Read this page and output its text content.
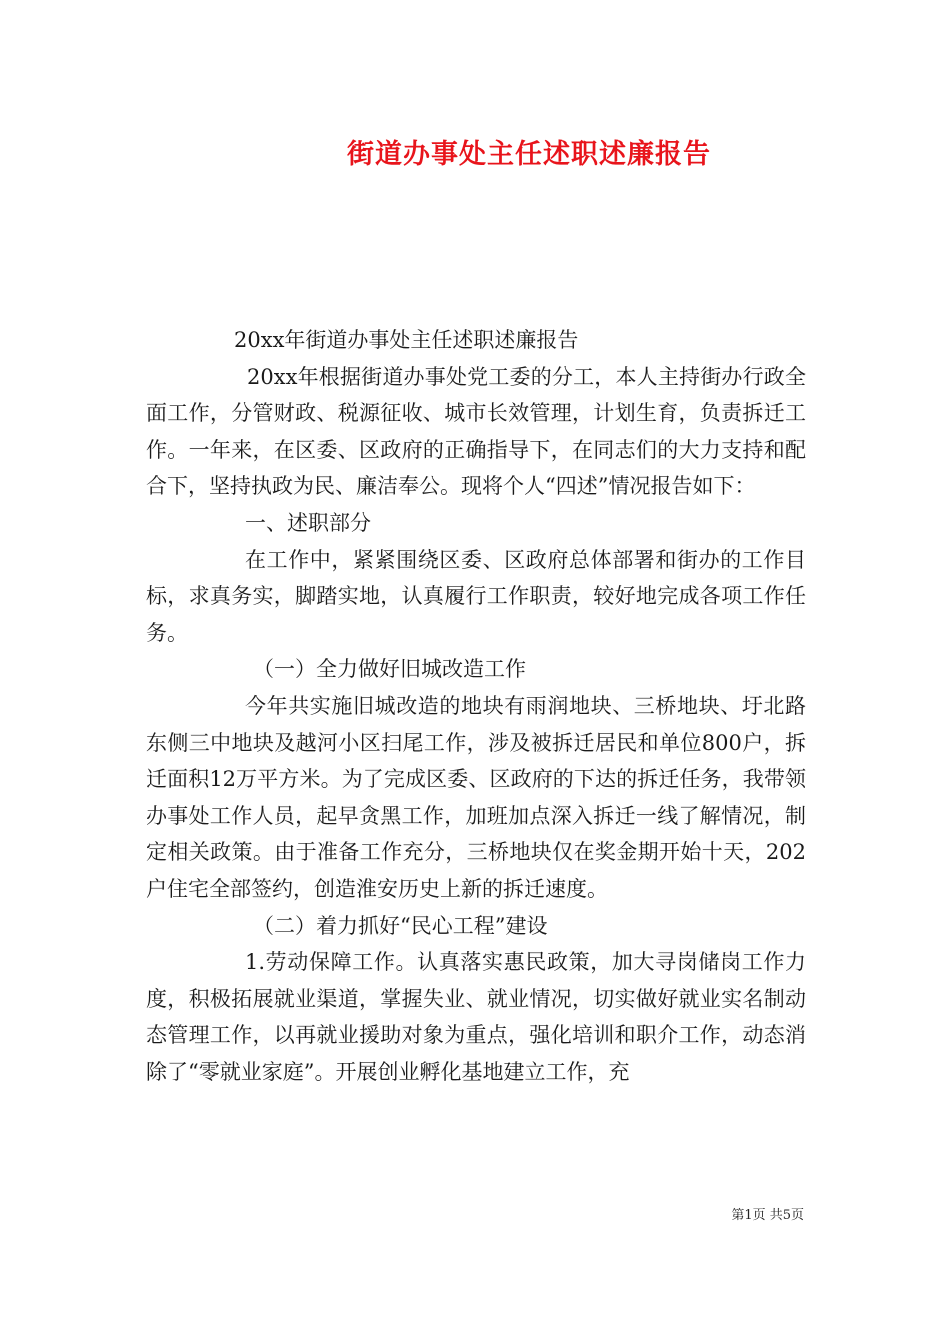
街道办事处主任述职述廉报告

20xx年街道办事处主任述职述廉报告

20xx年根据街道办事处党工委的分工，本人主持街办行政全面工作，分管财政、税源征收、城市长效管理，计划生育，负责拆迁工作。一年来，在区委、区政府的正确指导下，在同志们的大力支持和配合下，坚持执政为民、廉洁奉公。现将个人“四述”情况报告如下：

一、述职部分

在工作中，紧紧围绕区委、区政府总体部署和街办的工作目标，求真务实，脚踏实地，认真履行工作职责，较好地完成各项工作任务。

（一）全力做好旧城改造工作

今年共实施旧城改造的地块有雨润地块、三桥地块、圩北路东侧三中地块及越河小区扫尾工作，涉及被拆迁居民和单位800户，拆迁面积12万平方米。为了完成区委、区政府的下达的拆迁任务，我带领办事处工作人员，起早贪黑工作，加班加点深入拆迁一线了解情况，制定相关政策。由于准备工作充分，三桥地块仅在奖金期开始十天，202户住宅全部签约，创造淮安历史上新的拆迁速度。

（二）着力抓好“民心工程”建设

1.劳动保障工作。认真落实惠民政策，加大寻岗储岗工作力度，积极拓展就业渠道，掌握失业、就业情况，切实做好就业实名制动态管理工作，以再就业援助对象为重点，强化培训和职介工作，动态消除了“零就业家庭”。开展创业孵化基地建立工作，充

第1页 共5页
